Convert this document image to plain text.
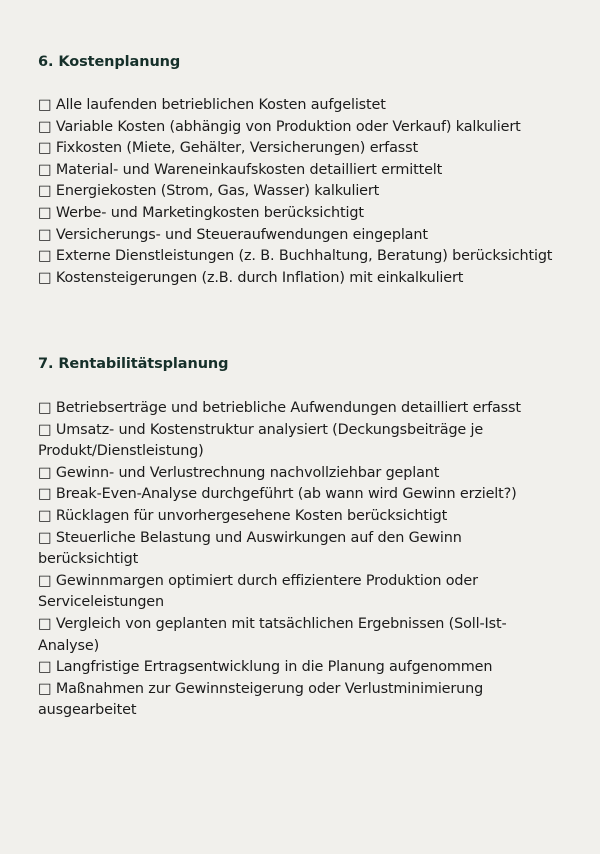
6. Kostenplanung
□ Alle laufenden betrieblichen Kosten aufgelistet
□ Variable Kosten (abhängig von Produktion oder Verkauf) kalkuliert
□ Fixkosten (Miete, Gehälter, Versicherungen) erfasst
□ Material- und Wareneinkaufskosten detailliert ermittelt
□ Energiekosten (Strom, Gas, Wasser) kalkuliert
□ Werbe- und Marketingkosten berücksichtigt
□ Versicherungs- und Steueraufwendungen eingeplant
□ Externe Dienstleistungen (z. B. Buchhaltung, Beratung) berücksichtigt
□ Kostensteigerungen (z.B. durch Inflation) mit einkalkuliert
7. Rentabilitätsplanung
□ Betriebserträge und betriebliche Aufwendungen detailliert erfasst
□ Umsatz- und Kostenstruktur analysiert (Deckungsbeiträge je Produkt/Dienstleistung)
□ Gewinn- und Verlustrechnung nachvollziehbar geplant
□ Break-Even-Analyse durchgeführt (ab wann wird Gewinn erzielt?)
□ Rücklagen für unvorhergesehene Kosten berücksichtigt
□ Steuerliche Belastung und Auswirkungen auf den Gewinn berücksichtigt
□ Gewinnmargen optimiert durch effizientere Produktion oder Serviceleistungen
□ Vergleich von geplanten mit tatsächlichen Ergebnissen (Soll-Ist-Analyse)
□ Langfristige Ertragsentwicklung in die Planung aufgenommen
□ Maßnahmen zur Gewinnsteigerung oder Verlustminimierung ausgearbeitet
